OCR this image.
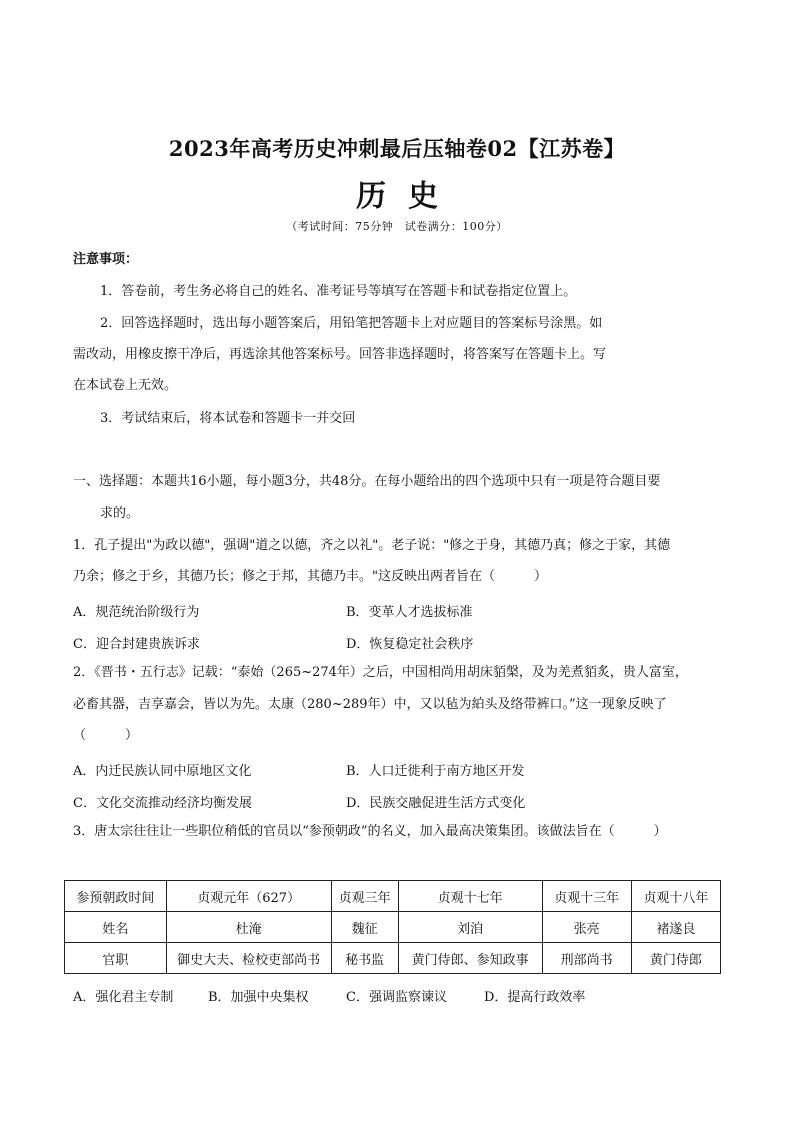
2023年高考历史冲刺最后压轴卷02【江苏卷】
历史
（考试时间：75分钟　试卷满分：100分）
注意事项：
1．答卷前，考生务必将自己的姓名、准考证号等填写在答题卡和试卷指定位置上。
2．回答选择题时，选出每小题答案后，用铅笔把答题卡上对应题目的答案标号涂黑。如
需改动，用橡皮擦干净后，再选涂其他答案标号。回答非选择题时，将答案写在答题卡上。写
在本试卷上无效。
3．考试结束后，将本试卷和答题卡一并交回
一、选择题：本题共16小题，每小题3分，共48分。在每小题给出的四个选项中只有一项是符合题目要
求的。
1．孔子提出"为政以德"，强调"道之以德，齐之以礼"。老子说："修之于身，其德乃真；修之于家，其德
乃余；修之于乡，其德乃长；修之于邦，其德乃丰。"这反映出两者旨在（　　　）
A．规范统治阶级行为	B．变革人才选拔标准
C．迎合封建贵族诉求	D．恢复稳定社会秩序
2．《晋书・五行志》记载：“泰始（265~274年）之后，中国相尚用胡床貊槃，及为羌煮貊炙，贵人富室，
必畜其器，吉享嘉会，皆以为先。太康（280~289年）中，又以毡为絈头及络带裤口。”这一现象反映了
（　　　）
A．内迁民族认同中原地区文化	B．人口迁徙利于南方地区开发
C．文化交流推动经济均衡发展	D．民族交融促进生活方式变化
3．唐太宗往往让一些职位稍低的官员以“参预朝政”的名义，加入最高决策集团。该做法旨在（　　　）
参预朝政时间	贞观元年（627）	贞观三年	贞观十七年	贞观十三年	贞观十八年
姓名	杜淹	魏征	刘洎	张亮	褚遂良
官职	御史大夫、检校吏部尚书	秘书监	黄门侍郎、参知政事	刑部尚书	黄门侍郎
A．强化君主专制	B．加强中央集权	C．强调监察谏议	D．提高行政效率
